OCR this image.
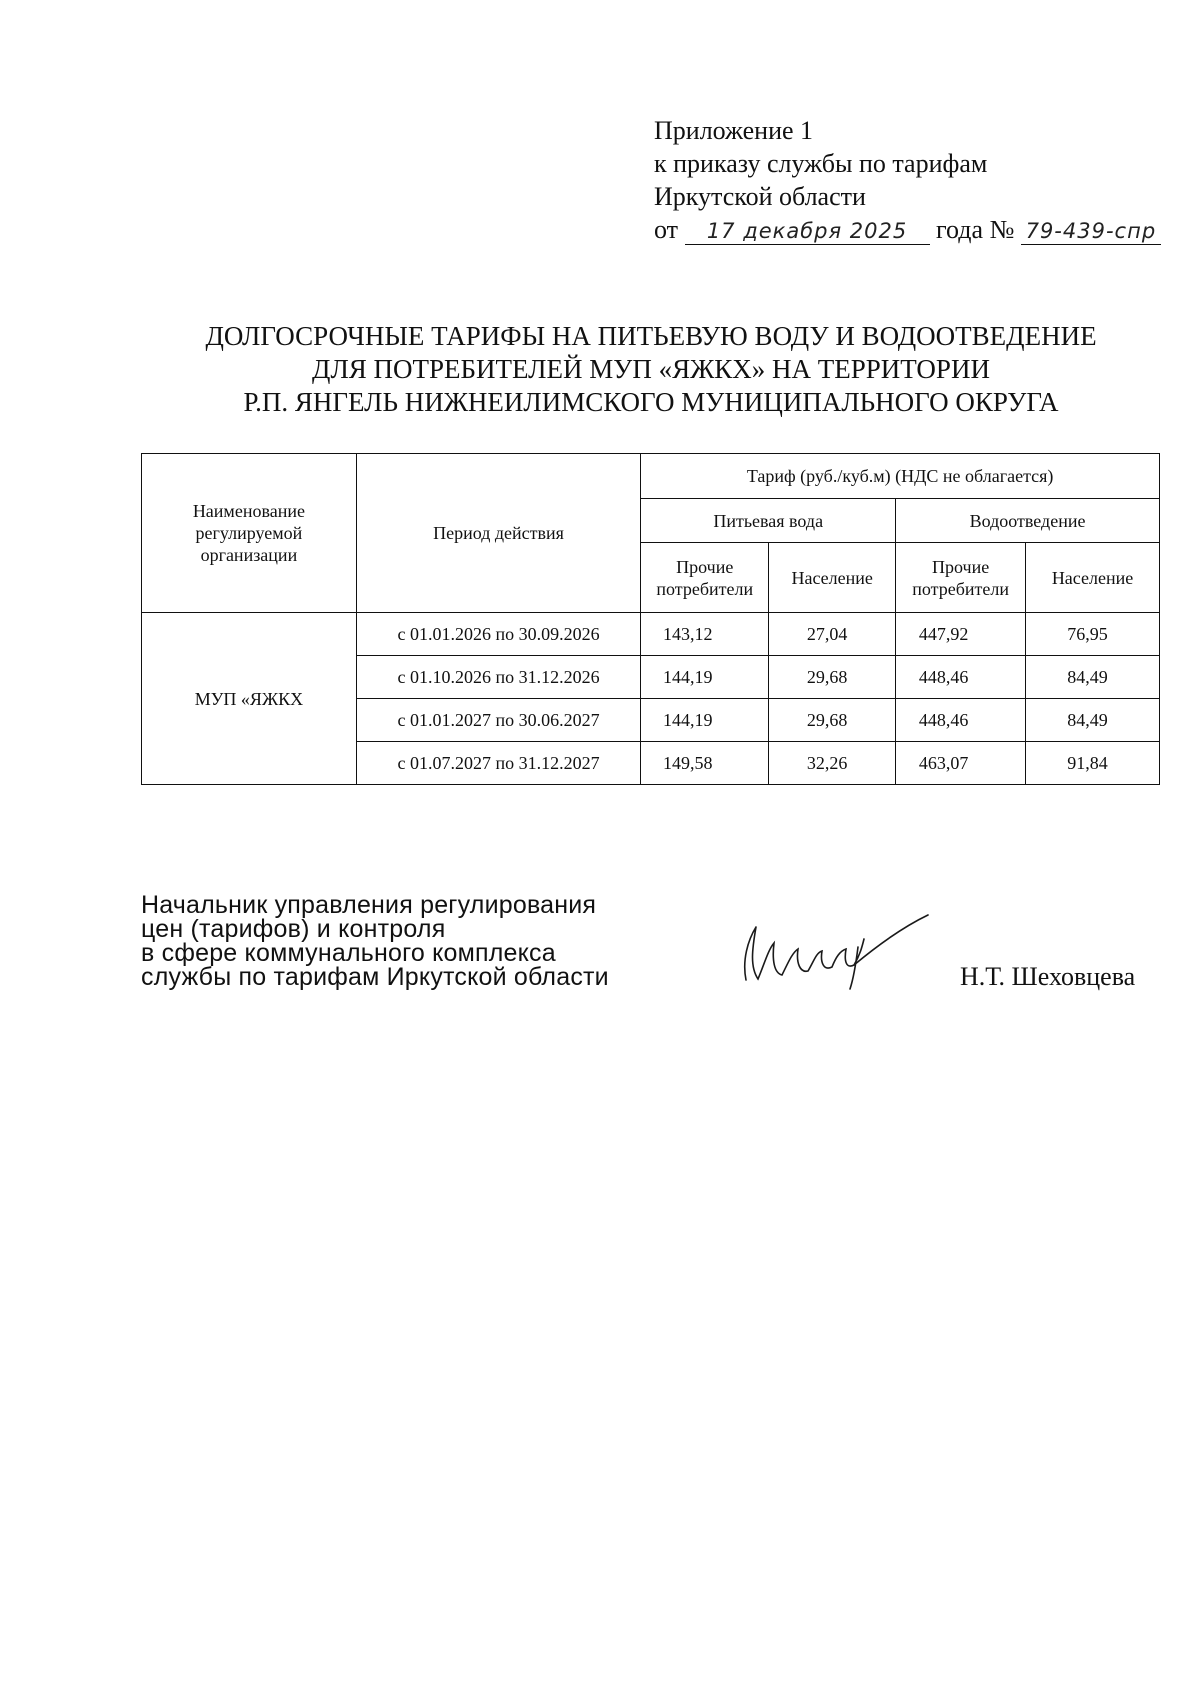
Приложение 1
к приказу службы по тарифам
Иркутской области
от 17 декабря 2025 года № 79-439-спр
ДОЛГОСРОЧНЫЕ ТАРИФЫ НА ПИТЬЕВУЮ ВОДУ И ВОДООТВЕДЕНИЕ
ДЛЯ ПОТРЕБИТЕЛЕЙ МУП «ЯЖКХ» НА ТЕРРИТОРИИ
Р.П. ЯНГЕЛЬ НИЖНЕИЛИМСКОГО МУНИЦИПАЛЬНОГО ОКРУГА
Наименование регулируемой организации	Период действия	Тариф (руб./куб.м) (НДС не облагается)			
		Питьевая вода		Водоотведение	
		Прочие потребители	Население	Прочие потребители	Население
МУП «ЯЖКХ	с 01.01.2026 по 30.09.2026	143,12	27,04	447,92	76,95
	с 01.10.2026 по 31.12.2026	144,19	29,68	448,46	84,49
	с 01.01.2027 по 30.06.2027	144,19	29,68	448,46	84,49
	с 01.07.2027 по 31.12.2027	149,58	32,26	463,07	91,84
Начальник управления регулирования
цен (тарифов) и контроля
в сфере коммунального комплекса
службы по тарифам Иркутской области	Н.Т. Шеховцева
